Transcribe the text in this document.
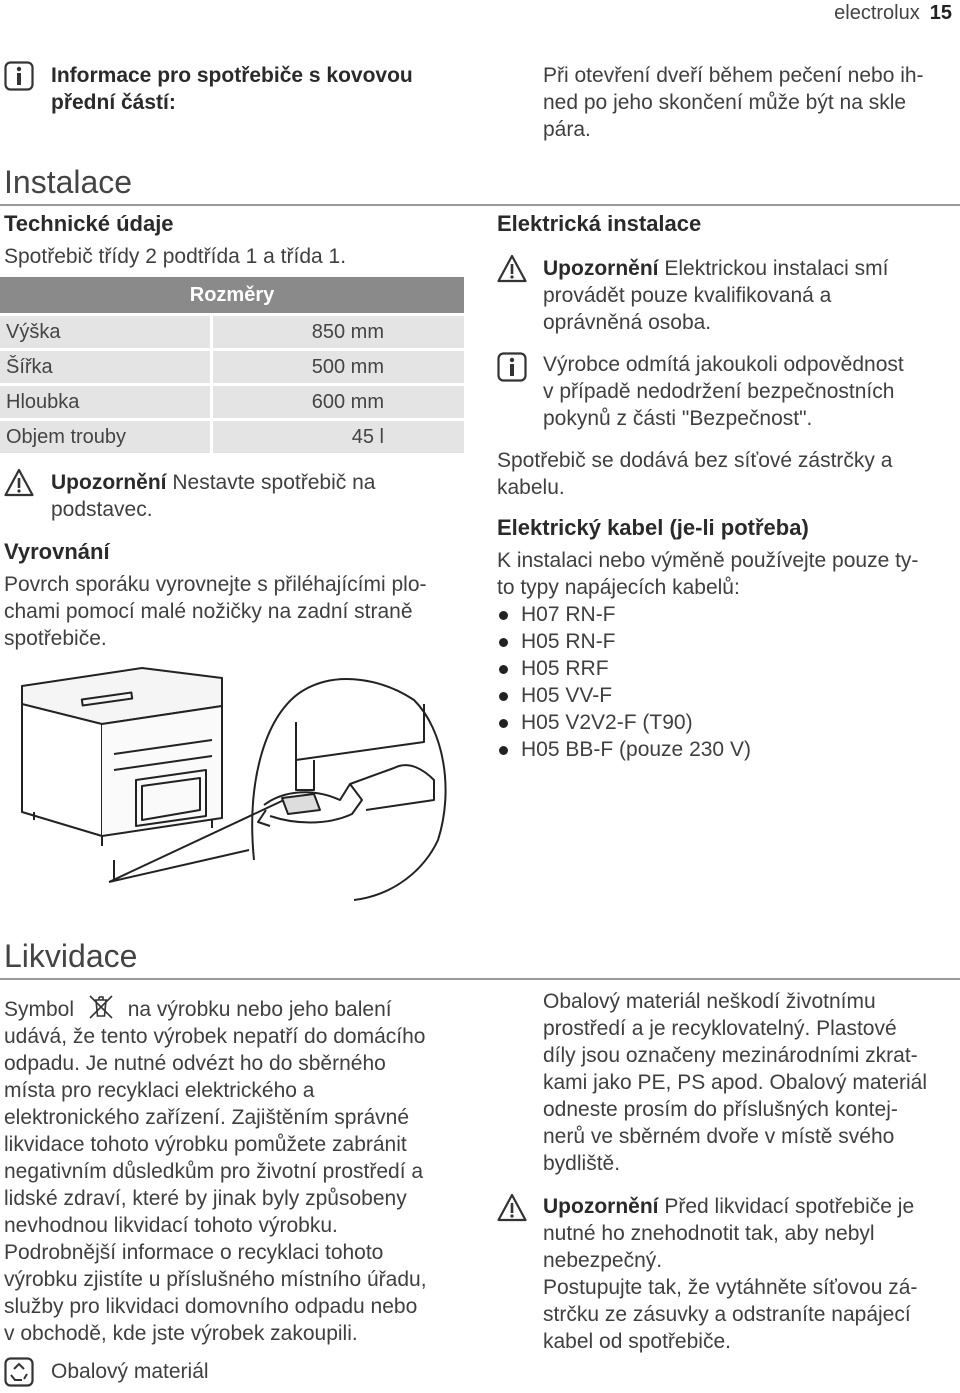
electrolux 15
Informace pro spotřebiče s kovovou
přední částí:
Při otevření dveří během pečení nebo ih-
ned po jeho skončení může být na skle
pára.
Instalace
Technické údaje
Spotřebič třídy 2 podtřída 1 a třída 1.
Rozměry	
Výška	850 mm
Šířka	500 mm
Hloubka	600 mm
Objem trouby	45 l
Upozornění Nestavte spotřebič na
podstavec.
Vyrovnání
Povrch sporáku vyrovnejte s přiléhajícími plo-
chami pomocí malé nožičky na zadní straně
spotřebiče.
Elektrická instalace
Upozornění Elektrickou instalaci smí
provádět pouze kvalifikovaná a
oprávněná osoba.
Výrobce odmítá jakoukoli odpovědnost
v případě nedodržení bezpečnostních
pokynů z části "Bezpečnost".
Spotřebič se dodává bez síťové zástrčky a
kabelu.
Elektrický kabel (je-li potřeba)
K instalaci nebo výměně používejte pouze ty-
to typy napájecích kabelů:
H07 RN-F
H05 RN-F
H05 RRF
H05 VV-F
H05 V2V2-F (T90)
H05 BB-F (pouze 230 V)
Likvidace
Symbol	na výrobku nebo jeho balení
udává, že tento výrobek nepatří do domácího
odpadu. Je nutné odvézt ho do sběrného
místa pro recyklaci elektrického a
elektronického zařízení. Zajištěním správné
likvidace tohoto výrobku pomůžete zabránit
negativním důsledkům pro životní prostředí a
lidské zdraví, které by jinak byly způsobeny
nevhodnou likvidací tohoto výrobku.
Podrobnější informace o recyklaci tohoto
výrobku zjistíte u příslušného místního úřadu,
služby pro likvidaci domovního odpadu nebo
v obchodě, kde jste výrobek zakoupili.
Obalový materiál
Obalový materiál neškodí životnímu
prostředí a je recyklovatelný. Plastové
díly jsou označeny mezinárodními zkrat-
kami jako PE, PS apod. Obalový materiál
odneste prosím do příslušných kontej-
nerů ve sběrném dvoře v místě svého
bydliště.
Upozornění Před likvidací spotřebiče je
nutné ho znehodnotit tak, aby nebyl
nebezpečný.
Postupujte tak, že vytáhněte síťovou zá-
strčku ze zásuvky a odstraníte napájecí
kabel od spotřebiče.
